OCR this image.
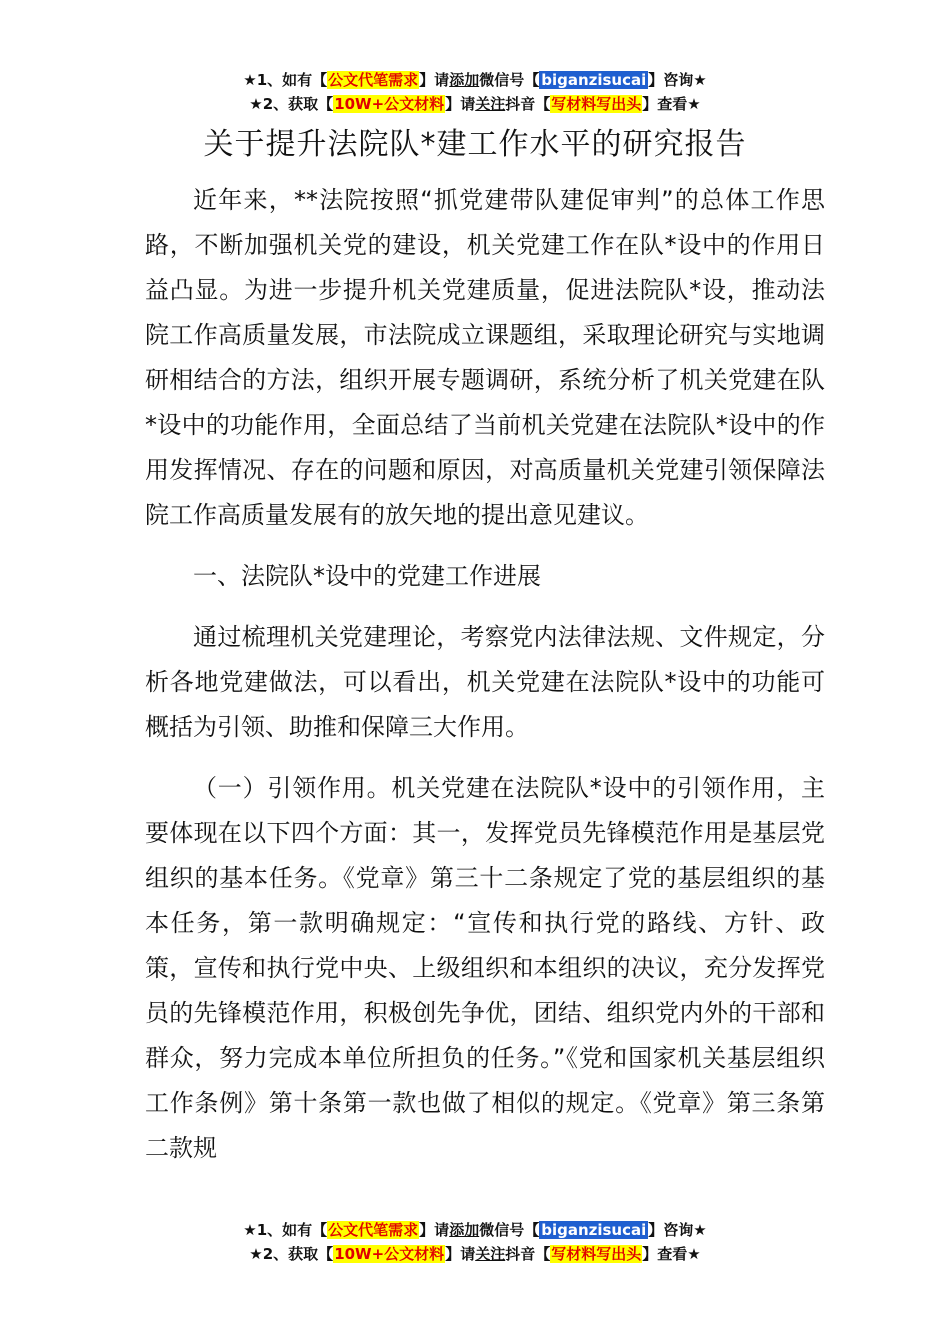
★1、如有【公文代笔需求】请添加微信号【 biganzisucai 】咨询★
★2、获取【10W+公文材料】请关注抖音【写材料写出头】查看★
关于提升法院队*建工作水平的研究报告

近年来，**法院按照“抓党建带队建促审判”的总体工作思路，不断加强机关党的建设，机关党建工作在队*设中的作用日益凸显。为进一步提升机关党建质量，促进法院队*设，推动法院工作高质量发展，市法院成立课题组，采取理论研究与实地调研相结合的方法，组织开展专题调研，系统分析了机关党建在队*设中的功能作用，全面总结了当前机关党建在法院队*设中的作用发挥情况、存在的问题和原因，对高质量机关党建引领保障法院工作高质量发展有的放矢地的提出意见建议。

一、法院队*设中的党建工作进展

通过梳理机关党建理论，考察党内法律法规、文件规定，分析各地党建做法，可以看出，机关党建在法院队*设中的功能可概括为引领、助推和保障三大作用。

（一）引领作用。机关党建在法院队*设中的引领作用，主要体现在以下四个方面：其一，发挥党员先锋模范作用是基层党组织的基本任务。《党章》第三十二条规定了党的基层组织的基本任务，第一款明确规定：“宣传和执行党的路线、方针、政策，宣传和执行党中央、上级组织和本组织的决议，充分发挥党员的先锋模范作用，积极创先争优，团结、组织党内外的干部和群众，努力完成本单位所担负的任务。”《党和国家机关基层组织工作条例》第十条第一款也做了相似的规定。《党章》第三条第二款规

★1、如有【公文代笔需求】请添加微信号【 biganzisucai 】咨询★
★2、获取【10W+公文材料】请关注抖音【写材料写出头】查看★
